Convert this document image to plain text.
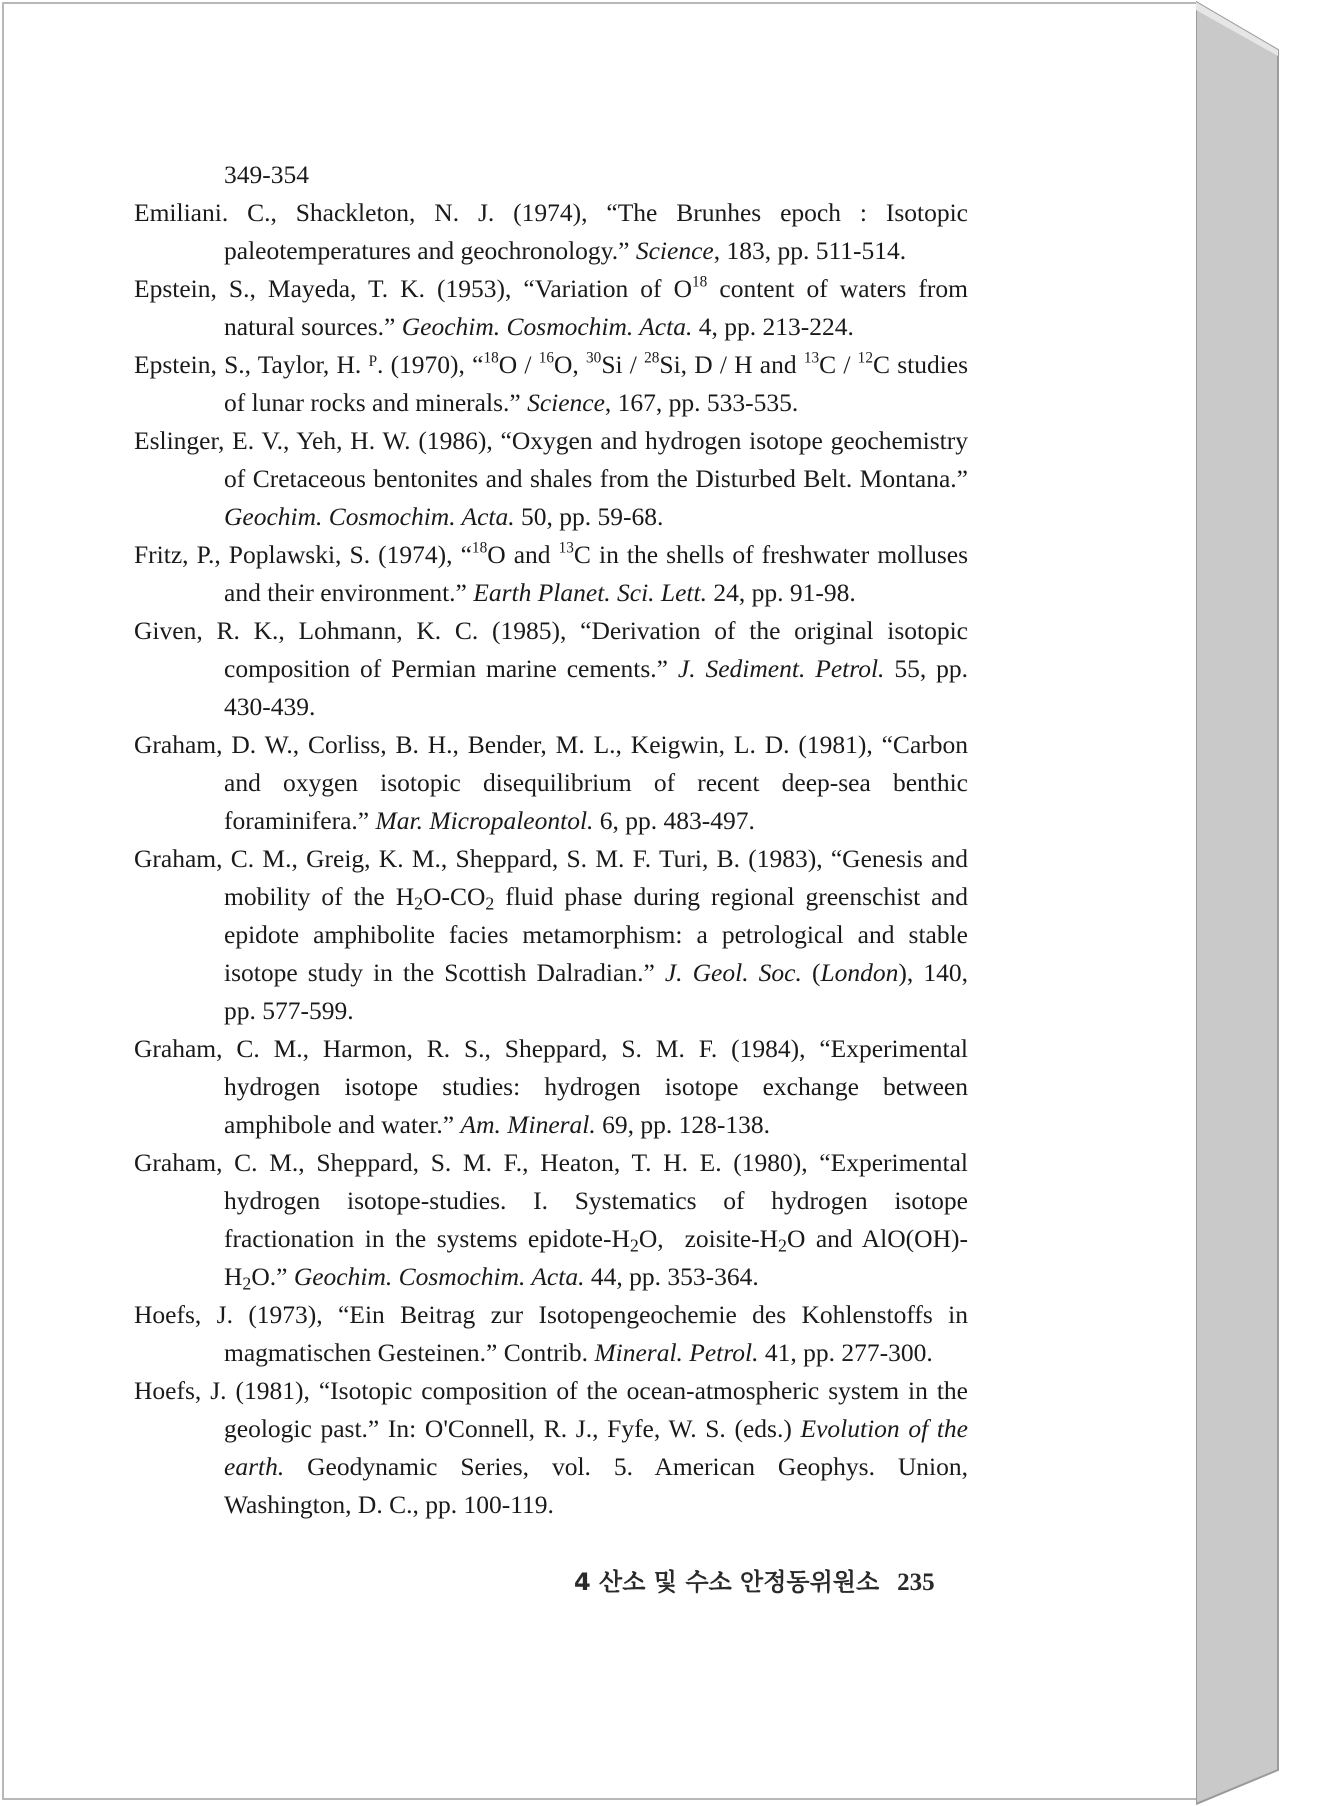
349-354
Emiliani. C., Shackleton, N. J. (1974), “The Brunhes epoch : Isotopic paleotemperatures and geochronology.” Science, 183, pp. 511-514.
Epstein, S., Mayeda, T. K. (1953), “Variation of $O^{18}$ content of waters from natural sources.” Geochim. Cosmochim. Acta. 4, pp. 213-224.
Epstein, S., Taylor, H. ᴾ. (1970), “$^{18}$O / $^{16}$O, $^{30}$Si / $^{28}$Si, D / H and $^{13}$C / $^{12}$C studies of lunar rocks and minerals.” Science, 167, pp. 533-535.
Eslinger, E. V., Yeh, H. W. (1986), “Oxygen and hydrogen isotope geochemistry of Cretaceous bentonites and shales from the Disturbed Belt. Montana.” Geochim. Cosmochim. Acta. 50, pp. 59-68.
Fritz, P., Poplawski, S. (1974), “$^{18}$O and $^{13}$C in the shells of freshwater molluses and their environment.” Earth Planet. Sci. Lett. 24, pp. 91-98.
Given, R. K., Lohmann, K. C. (1985), “Derivation of the original isotopic composition of Permian marine cements.” J. Sediment. Petrol. 55, pp. 430-439.
Graham, D. W., Corliss, B. H., Bender, M. L., Keigwin, L. D. (1981), “Carbon and oxygen isotopic disequilibrium of recent deep-sea benthic foraminifera.” Mar. Micropaleontol. 6, pp. 483-497.
Graham, C. M., Greig, K. M., Sheppard, S. M. F. Turi, B. (1983), “Genesis and mobility of the $H_2O-CO_2$ fluid phase during regional greenschist and epidote amphibolite facies metamorphism: a petrological and stable isotope study in the Scottish Dalradian.” J. Geol. Soc. (London), 140, pp. 577-599.
Graham, C. M., Harmon, R. S., Sheppard, S. M. F. (1984), “Experimental hydrogen isotope studies: hydrogen isotope exchange between amphibole and water.” Am. Mineral. 69, pp. 128-138.
Graham, C. M., Sheppard, S. M. F., Heaton, T. H. E. (1980), “Experimental hydrogen isotope-studies. I. Systematics of hydrogen isotope fractionation in the systems epidote-$H_2O$,  zoisite-$H_2O$ and $AlO(OH)-H_2O$.” Geochim. Cosmochim. Acta. 44, pp. 353-364.
Hoefs, J. (1973), “Ein Beitrag zur Isotopengeochemie des Kohlenstoffs in magmatischen Gesteinen.” Contrib. Mineral. Petrol. 41, pp. 277-300.
Hoefs, J. (1981), “Isotopic composition of the ocean-atmospheric system in the geologic past.” In: O'Connell, R. J., Fyfe, W. S. (eds.) Evolution of the earth. Geodynamic Series, vol. 5. American Geophys. Union, Washington, D. C., pp. 100-119.
4 산소 및 수소 안정동위원소 235
